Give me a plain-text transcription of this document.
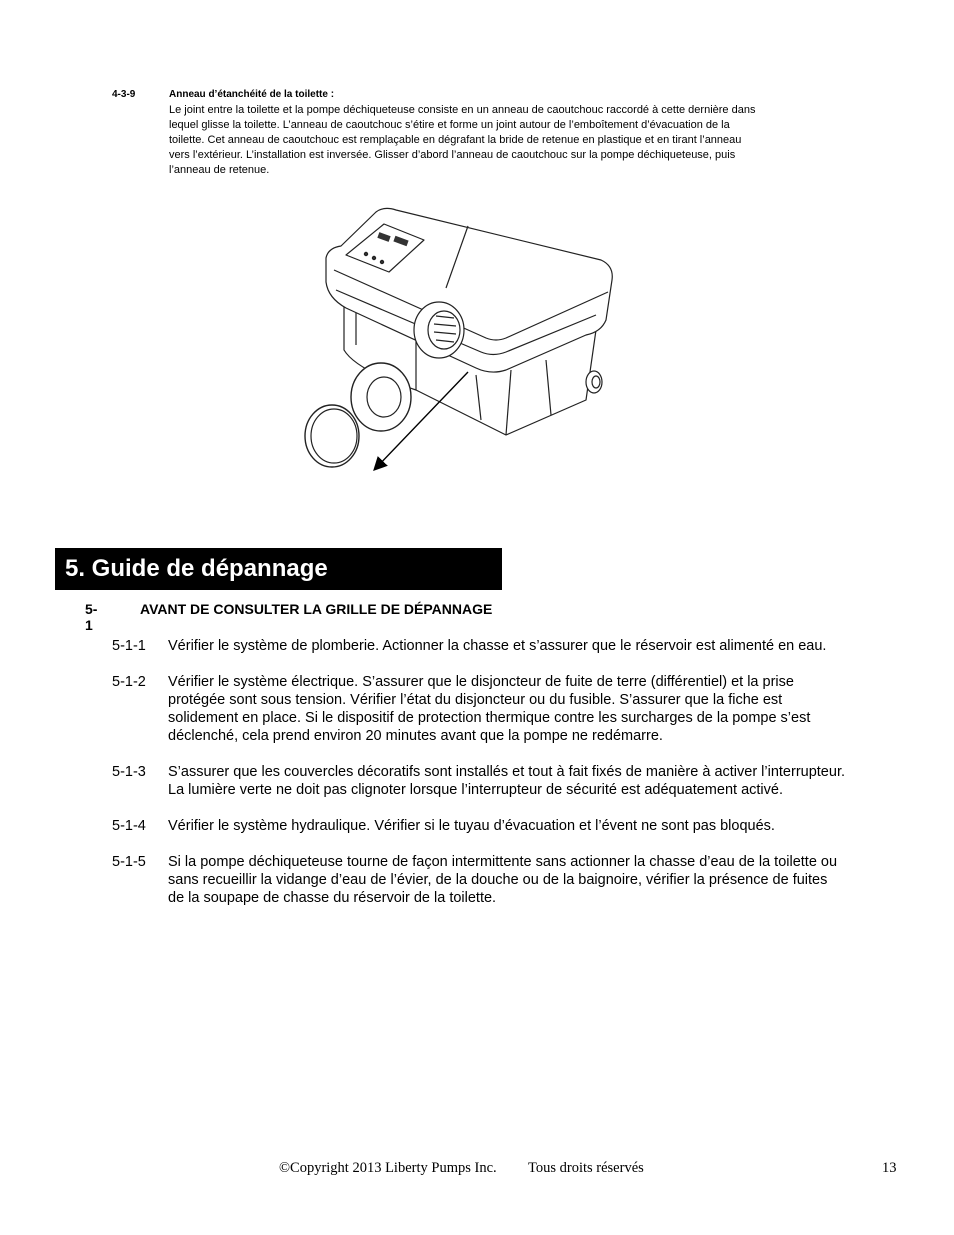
4-3-9	Anneau d’étanchéité de la toilette :
Le joint entre la toilette et la pompe déchiqueteuse consiste en un anneau de caoutchouc raccordé à cette dernière dans
lequel glisse la toilette. L’anneau de caoutchouc s’étire et forme un joint autour de l’emboîtement d’évacuation de la
toilette. Cet anneau de caoutchouc est remplaçable en dégrafant la bride de retenue en plastique et en tirant l’anneau
vers l’extérieur. L’installation est inversée. Glisser d’abord l’anneau de caoutchouc sur la pompe déchiqueteuse, puis
l’anneau de retenue.
5. Guide de dépannage
5-1
AVANT DE CONSULTER LA GRILLE DE DÉPANNAGE
5-1-1 Vérifier le système de plomberie. Actionner la chasse et s’assurer que le réservoir est alimenté en eau.
5-1-2 Vérifier le système électrique. S’assurer que le disjoncteur de fuite de terre (différentiel) et la prise
protégée sont sous tension. Vérifier l’état du disjoncteur ou du fusible. S’assurer que la fiche est
solidement en place. Si le dispositif de protection thermique contre les surcharges de la pompe s’est
déclenché, cela prend environ 20 minutes avant que la pompe ne redémarre.
5-1-3 S’assurer que les couvercles décoratifs sont installés et tout à fait fixés de manière à activer l’interrupteur.
La lumière verte ne doit pas clignoter lorsque l’interrupteur de sécurité est adéquatement activé.
5-1-4 Vérifier le système hydraulique. Vérifier si le tuyau d’évacuation et l’évent ne sont pas bloqués.
5-1-5 Si la pompe déchiqueteuse tourne de façon intermittente sans actionner la chasse d’eau de la toilette ou
sans recueillir la vidange d’eau de l’évier, de la douche ou de la baignoire, vérifier la présence de fuites
de la soupape de chasse du réservoir de la toilette.
©Copyright 2013 Liberty Pumps Inc. Tous droits réservés	13
